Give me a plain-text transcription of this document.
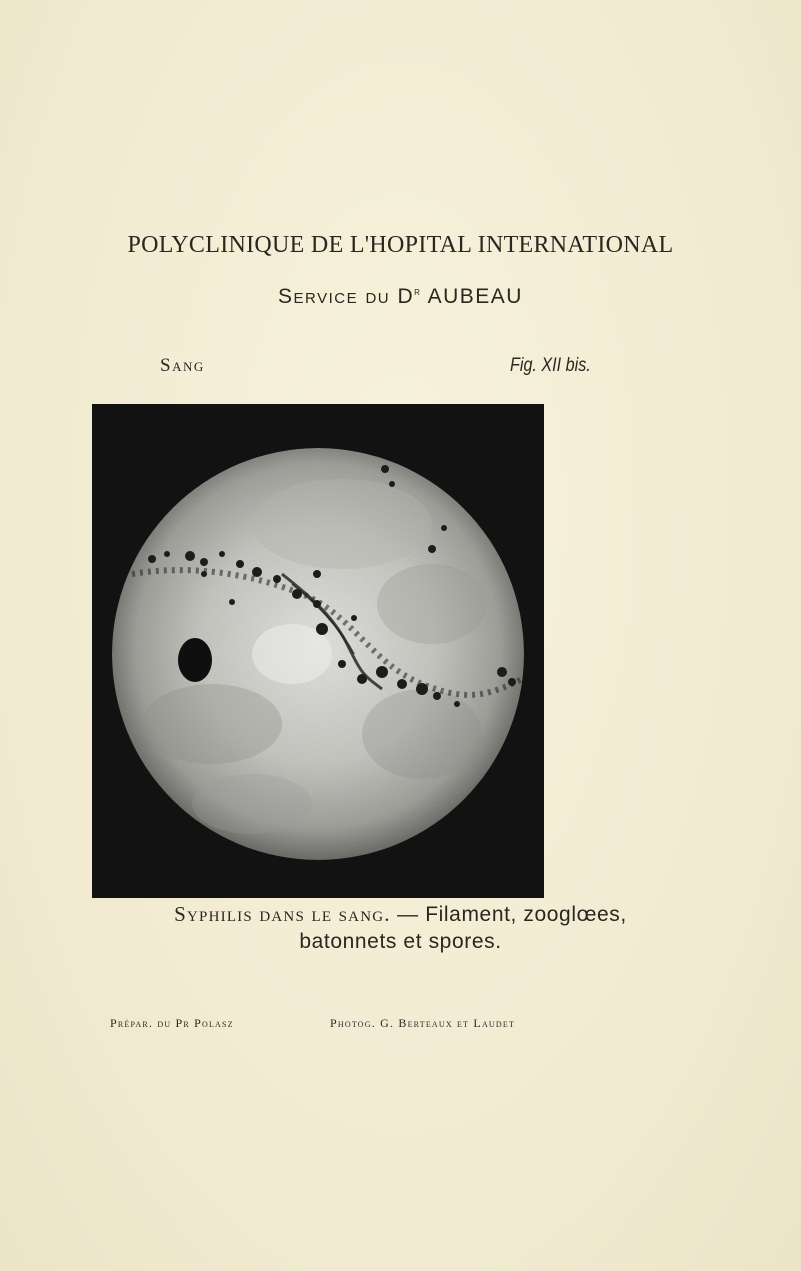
POLYCLINIQUE DE L'HOPITAL INTERNATIONAL
Service du $D^r$ AUBEAU
Sang	Fig. XII bis.
Syphilis dans le sang. — Filament, zooglœes,
batonnets et spores.
Prépar. du Pr Polasz	Photog. G. Berteaux et Laudet
